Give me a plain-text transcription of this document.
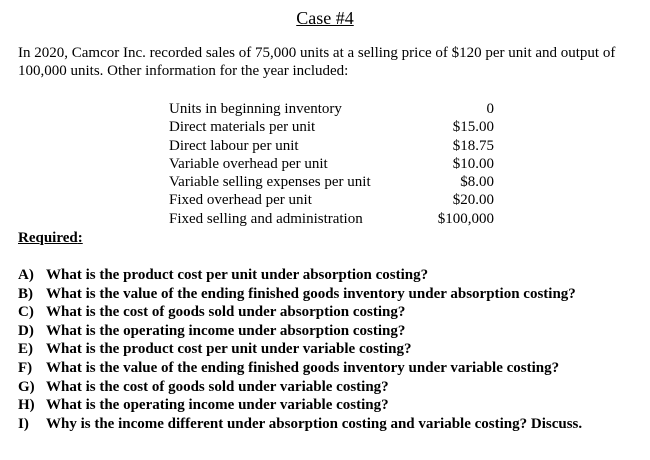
Case #4
In 2020, Camcor Inc. recorded sales of 75,000 units at a selling price of $120 per unit and output of 100,000 units. Other information for the year included:
Units in beginning inventory	0
Direct materials per unit	$15.00
Direct labour per unit	$18.75
Variable overhead per unit	$10.00
Variable selling expenses per unit	$8.00
Fixed overhead per unit	$20.00
Fixed selling and administration	$100,000
Required:
A) What is the product cost per unit under absorption costing?
B) What is the value of the ending finished goods inventory under absorption costing?
C) What is the cost of goods sold under absorption costing?
D) What is the operating income under absorption costing?
E) What is the product cost per unit under variable costing?
F) What is the value of the ending finished goods inventory under variable costing?
G) What is the cost of goods sold under variable costing?
H) What is the operating income under variable costing?
I) Why is the income different under absorption costing and variable costing? Discuss.
